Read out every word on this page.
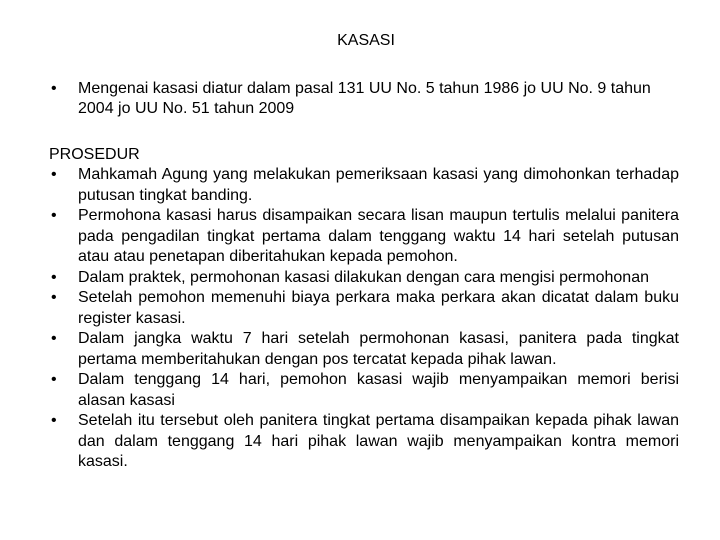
KASASI
• Mengenai kasasi diatur dalam pasal 131 UU No. 5 tahun 1986 jo UU No. 9 tahun 2004 jo UU No. 51 tahun 2009
PROSEDUR
• Mahkamah Agung yang melakukan pemeriksaan kasasi yang dimohonkan terhadap putusan tingkat banding.
• Permohona kasasi harus disampaikan secara lisan maupun tertulis melalui panitera pada pengadilan tingkat pertama dalam tenggang waktu 14 hari setelah putusan atau atau penetapan diberitahukan kepada pemohon.
• Dalam praktek, permohonan kasasi dilakukan dengan cara mengisi permohonan
• Setelah pemohon memenuhi biaya perkara maka perkara akan dicatat dalam buku register kasasi.
• Dalam jangka waktu 7 hari setelah permohonan kasasi, panitera pada tingkat pertama memberitahukan dengan pos tercatat kepada pihak lawan.
• Dalam tenggang 14 hari, pemohon kasasi wajib menyampaikan memori berisi alasan kasasi
• Setelah itu tersebut oleh panitera tingkat pertama disampaikan kepada pihak lawan dan dalam tenggang 14 hari pihak lawan wajib menyampaikan kontra memori kasasi.
